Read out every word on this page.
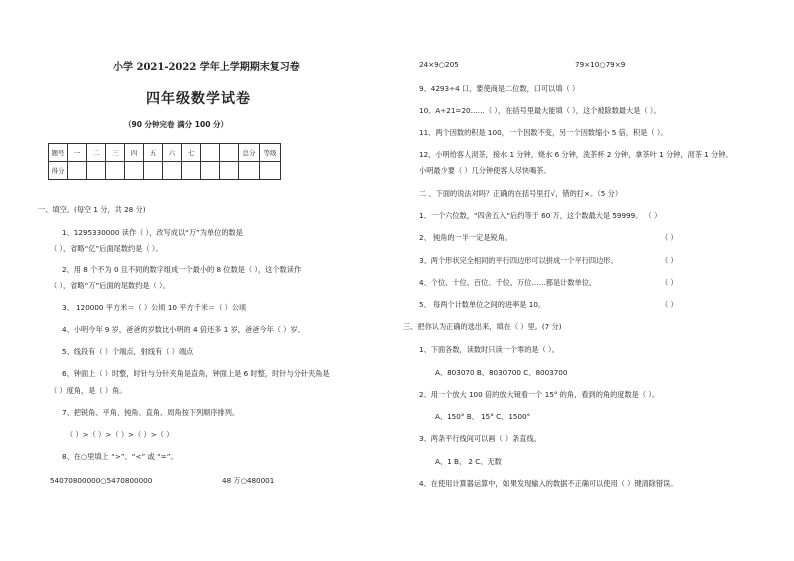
小学 2021-2022 学年上学期期末复习卷
四年级数学试卷
（90 分钟完卷 满分 100 分）
题号	一	二	三	四	五	六	七			总分	等级
得分											
一、填空。(每空 1 分，共 28 分)
1、1295330000 读作（ ），改写成以“万”为单位的数是
（ ），省略“亿”后面尾数约是（ ）。
2、用 8 个不为 0 且不同的数字组成一个最小的 8 位数是（ ），这个数读作
（ ），省略“万”后面的尾数约是（ ）。
3、 120000 平方米＝（ ）公顷 10 平方千米＝（ ）公顷
4、小明今年 9 岁，爸爸的岁数比小明的 4 倍还多 1 岁，爸爸今年（ ）岁。
5、线段有（ ）个端点，射线有（ ）端点
6、钟面上（ ）时整，时针与分针夹角是直角，钟面上是 6 时整，时针与分针夹角是
（ ）度角，是（ ）角。
7、把锐角、平角、钝角、直角、周角按下列顺序排列。
（ ）>（ ）>（ ）>（ ）>（ ）
8、在○里填上 “>”、“<” 或 “=”。
54070800000○5470800000	48 万○480001
24×9○205	79×10○79×9
9、4293÷4 口，要使商是二位数，口可以填（ ）
10、A÷21=20……（ ），在括号里最大能填（ ），这个被除数最大是（ ）。
11、两个因数的积是 100，一个因数不变，另一个因数缩小 5 倍，积是（ ）。
12、小明给客人沏茶，接水 1 分钟，烧水 6 分钟，洗茶杯 2 分钟，拿茶叶 1 分钟，沏茶 1 分钟。
小明最少要（ ）几分钟使客人尽快喝茶。
二 、下面的说法对吗？正确的在括号里打√，错的打×。（5 分）
1、一个六位数，“四舍五入”后约等于 60 万，这个数最大是 59999。 （ ）
2、 钝角的一半一定是锐角。	（ ）
3、两个形状完全相同的平行四边形可以拼成一个平行四边形。	（ ）
4、个位、十位、百位、千位、万位……都是计数单位。	（ ）
5、 每两个计数单位之间的进率是 10。	（ ）
三、把你认为正确的选出来，填在（ ）里。(7 分)
1、下面各数，读数时只读一个零的是（ ）。
A、803070 B、8030700 C、8003700
2、用一个放大 100 倍的放大镜看一个 15° 的角，看到的角的度数是（ ）。
A、150° B、 15° C、1500°
3、两条平行线间可以画（ ）条直线。
A、1 B、 2 C、无数
4、在使用计算器运算中，如果发现输入的数据不正确可以使用（ ）键清除错误。
